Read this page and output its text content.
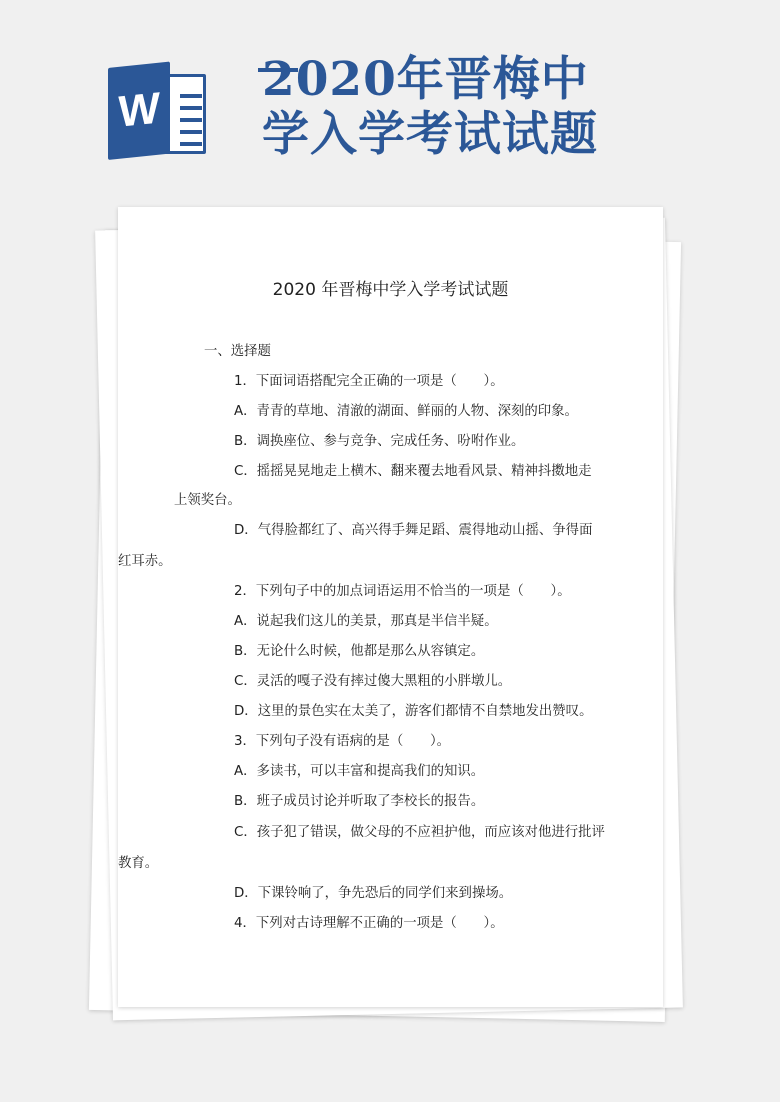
W
2020年晋梅中
学入学考试试题
2020 年晋梅中学入学考试试题

一、选择题

1．下面词语搭配完全正确的一项是（　　）。

A．青青的草地、清澈的湖面、鲜丽的人物、深刻的印象。

B．调换座位、参与竞争、完成任务、吩咐作业。

C．摇摇晃晃地走上横木、翻来覆去地看风景、精神抖擞地走上领奖台。

D．气得脸都红了、高兴得手舞足蹈、震得地动山摇、争得面红耳赤。

2．下列句子中的加点词语运用不恰当的一项是（　　）。

A．说起我们这儿的美景，那真是半信半疑。

B．无论什么时候，他都是那么从容镇定。

C．灵活的嘎子没有摔过傻大黑粗的小胖墩儿。

D．这里的景色实在太美了，游客们都情不自禁地发出赞叹。

3．下列句子没有语病的是（　　）。

A．多读书，可以丰富和提高我们的知识。

B．班子成员讨论并听取了李校长的报告。

C．孩子犯了错误，做父母的不应袒护他，而应该对他进行批评教育。

D．下课铃响了，争先恐后的同学们来到操场。

4．下列对古诗理解不正确的一项是（　　）。
